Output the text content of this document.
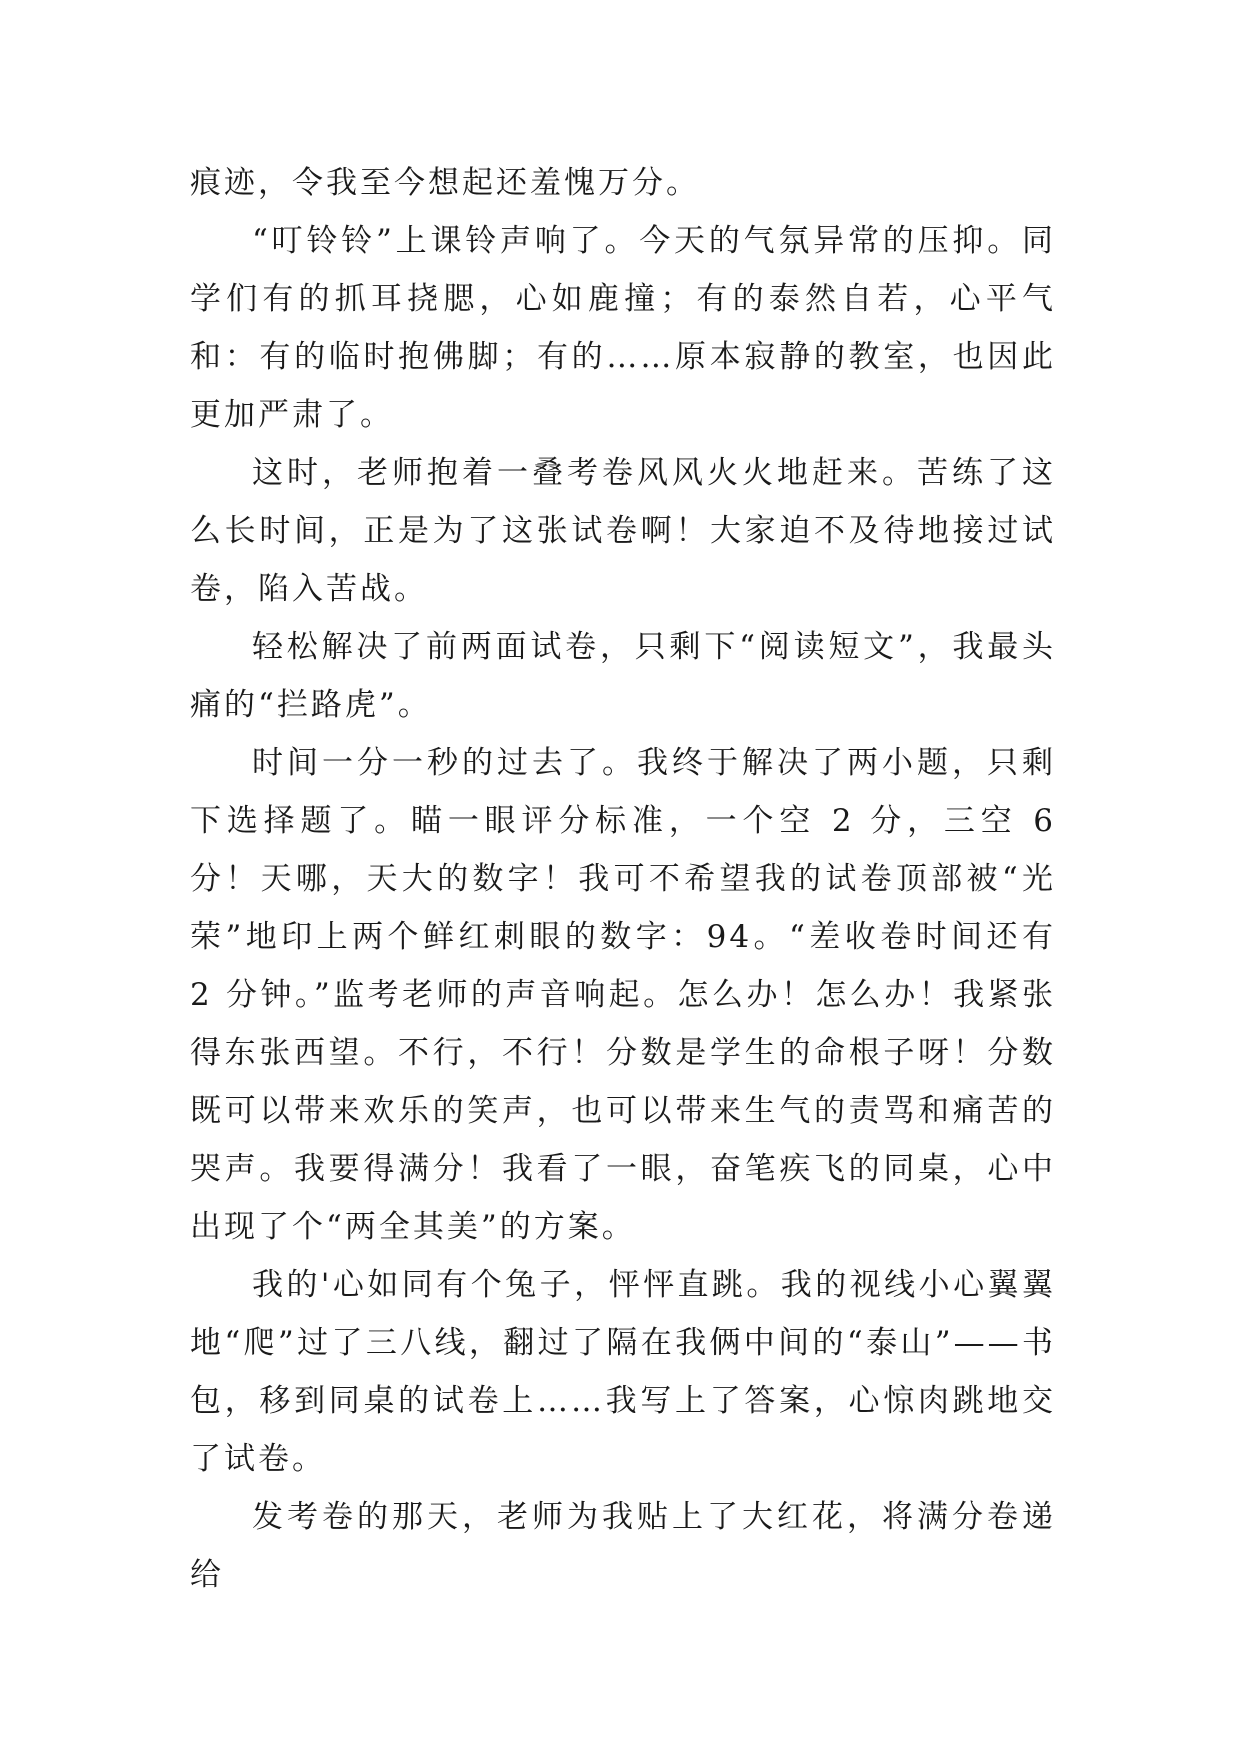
痕迹，令我至今想起还羞愧万分。

“叮铃铃”上课铃声响了。今天的气氛异常的压抑。同学们有的抓耳挠腮，心如鹿撞；有的泰然自若，心平气和：有的临时抱佛脚；有的……原本寂静的教室，也因此更加严肃了。

这时，老师抱着一叠考卷风风火火地赶来。苦练了这么长时间，正是为了这张试卷啊！大家迫不及待地接过试卷，陷入苦战。

轻松解决了前两面试卷，只剩下“阅读短文”，我最头痛的“拦路虎”。

时间一分一秒的过去了。我终于解决了两小题，只剩下选择题了。瞄一眼评分标准，一个空 2 分，三空 6 分！天哪，天大的数字！我可不希望我的试卷顶部被“光荣”地印上两个鲜红刺眼的数字：94。“差收卷时间还有 2 分钟。”监考老师的声音响起。怎么办！怎么办！我紧张得东张西望。不行，不行！分数是学生的命根子呀！分数既可以带来欢乐的笑声，也可以带来生气的责骂和痛苦的哭声。我要得满分！我看了一眼，奋笔疾飞的同桌，心中出现了个“两全其美”的方案。

我的'心如同有个兔子，怦怦直跳。我的视线小心翼翼地“爬”过了三八线，翻过了隔在我俩中间的“泰山”——书包，移到同桌的试卷上……我写上了答案，心惊肉跳地交了试卷。

发考卷的那天，老师为我贴上了大红花，将满分卷递给
